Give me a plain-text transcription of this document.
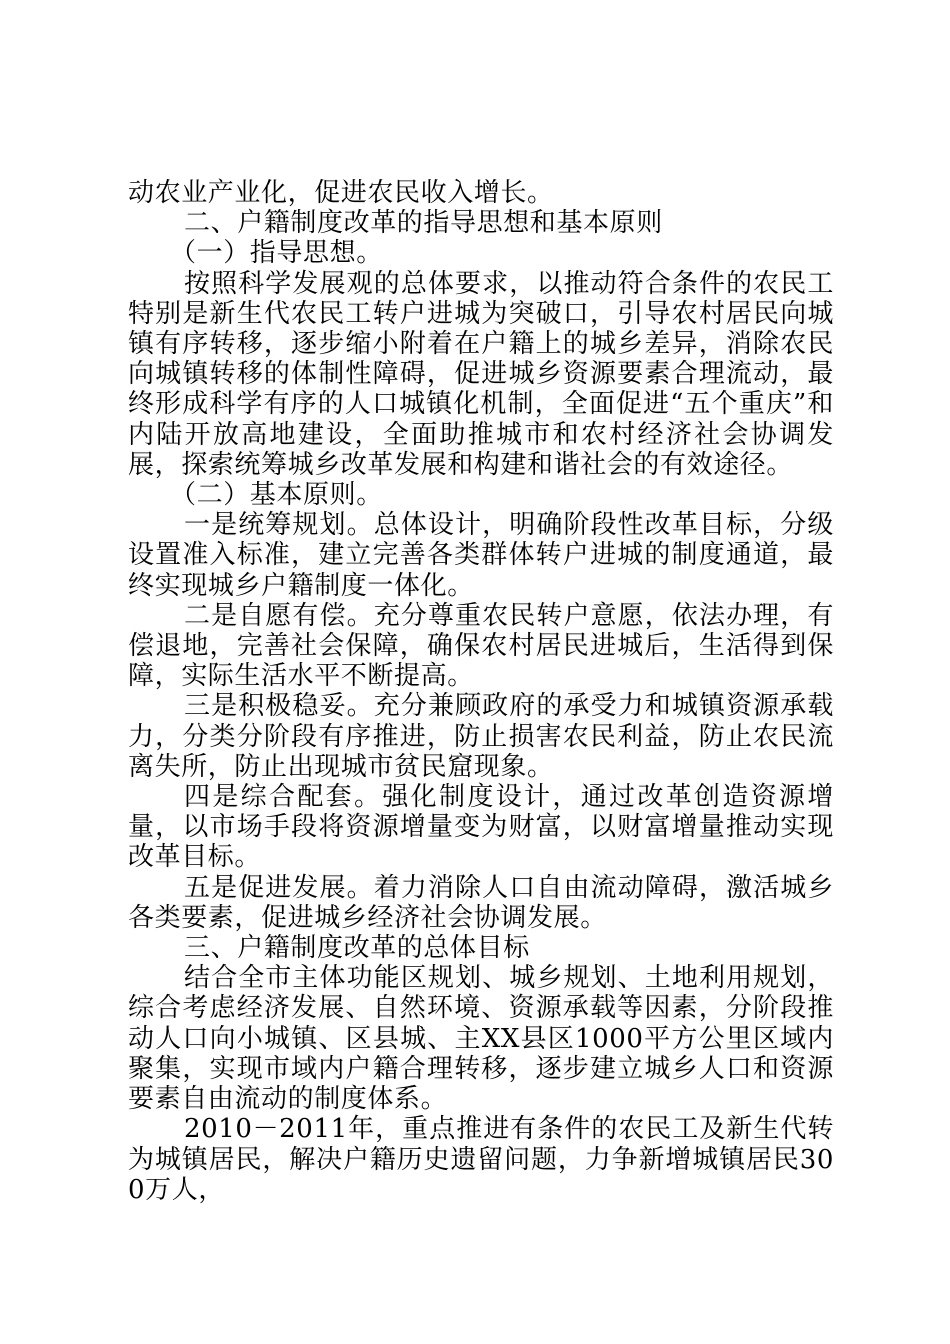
动农业产业化，促进农民收入增长。

二、户籍制度改革的指导思想和基本原则

（一）指导思想。

按照科学发展观的总体要求，以推动符合条件的农民工特别是新生代农民工转户进城为突破口，引导农村居民向城镇有序转移，逐步缩小附着在户籍上的城乡差异，消除农民向城镇转移的体制性障碍，促进城乡资源要素合理流动，最终形成科学有序的人口城镇化机制，全面促进“五个重庆”和内陆开放高地建设，全面助推城市和农村经济社会协调发展，探索统筹城乡改革发展和构建和谐社会的有效途径。

（二）基本原则。

一是统筹规划。总体设计，明确阶段性改革目标，分级设置准入标准，建立完善各类群体转户进城的制度通道，最终实现城乡户籍制度一体化。

二是自愿有偿。充分尊重农民转户意愿，依法办理，有偿退地，完善社会保障，确保农村居民进城后，生活得到保障，实际生活水平不断提高。

三是积极稳妥。充分兼顾政府的承受力和城镇资源承载力，分类分阶段有序推进，防止损害农民利益，防止农民流离失所，防止出现城市贫民窟现象。

四是综合配套。强化制度设计，通过改革创造资源增量，以市场手段将资源增量变为财富，以财富增量推动实现改革目标。

五是促进发展。着力消除人口自由流动障碍，激活城乡各类要素，促进城乡经济社会协调发展。

三、户籍制度改革的总体目标

结合全市主体功能区规划、城乡规划、土地利用规划，综合考虑经济发展、自然环境、资源承载等因素，分阶段推动人口向小城镇、区县城、主XX县区1000平方公里区域内聚集，实现市域内户籍合理转移，逐步建立城乡人口和资源要素自由流动的制度体系。

2010－2011年，重点推进有条件的农民工及新生代转为城镇居民，解决户籍历史遗留问题，力争新增城镇居民300万人，
